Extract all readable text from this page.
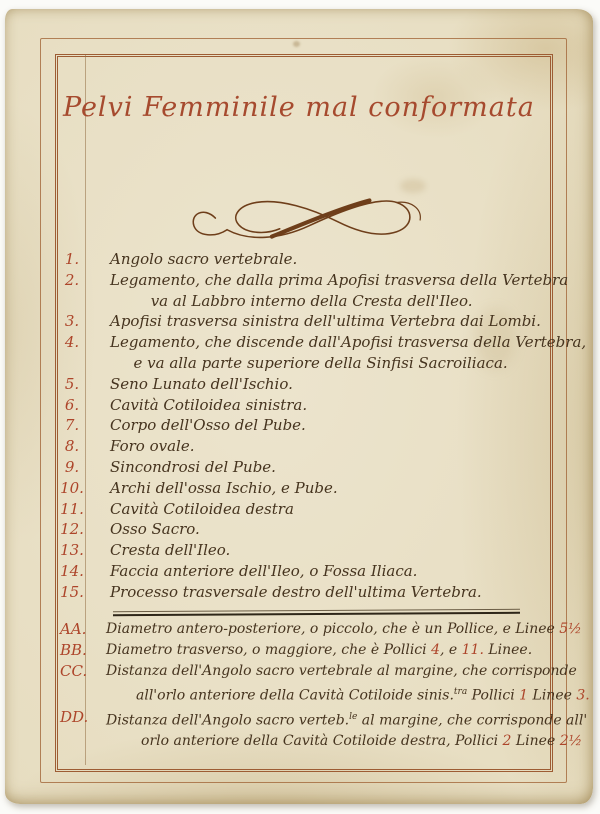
Pelvi Femminile mal conformata
1.	Angolo sacro vertebrale.
2.	Legamento, che dalla prima Apofisi trasversa della Vertebra
va al Labbro interno della Cresta dell'Ileo.
3.	Apofisi trasversa sinistra dell'ultima Vertebra dai Lombi.
4.	Legamento, che discende dall'Apofisi trasversa della Vertebra,
e va alla parte superiore della Sinfisi Sacroiliaca.
5.	Seno Lunato dell'Ischio.
6.	Cavità Cotiloidea sinistra.
7.	Corpo dell'Osso del Pube.
8.	Foro ovale.
9.	Sincondrosi del Pube.
10. Archi dell'ossa Ischio, e Pube.
11. Cavità Cotiloidea destra
12. Osso Sacro.
13. Cresta dell'Ileo.
14. Faccia anteriore dell'Ileo, o Fossa Iliaca.
15. Processo trasversale destro dell'ultima Vertebra.
AA. Diametro antero-posteriore, o piccolo, che è un Pollice, e Linee 5½
BB. Diametro trasverso, o maggiore, che è Pollici 4, e 11. Linee.
CC. Distanza dell'Angolo sacro vertebrale al margine, che corrisponde
all'orlo anteriore della Cavità Cotiloide sinis.$^{tra}$ Pollici 1 Linee 3.
DD. Distanza dell'Angolo sacro verteb.$^{le}$ al margine, che corrisponde all'
orlo anteriore della Cavità Cotiloide destra, Pollici 2 Linee 2½
